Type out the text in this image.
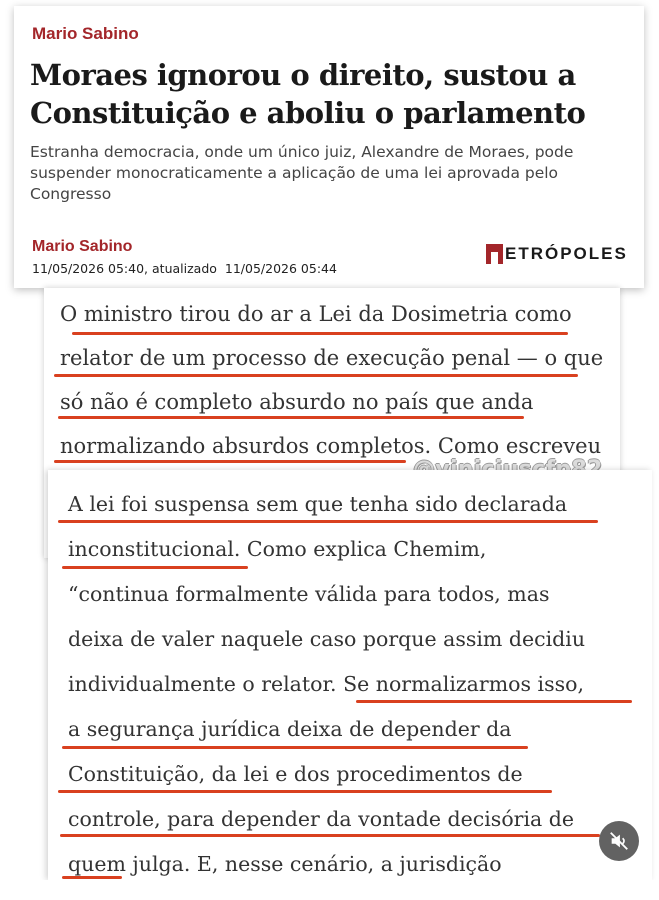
Mario Sabino
Moraes ignorou o direito, sustou a
Constituição e aboliu o parlamento

Estranha democracia, onde um único juiz, Alexandre de Moraes, pode
suspender monocraticamente a aplicação de uma lei aprovada pelo
Congresso

Mario Sabino
11/05/2026 05:40, atualizado 11/05/2026 05:44
ETRÓPOLES
O ministro tirou do ar a Lei da Dosimetria como
relator de um processo de execução penal — o que
só não é completo absurdo no país que anda
normalizando absurdos completos. Como escreveu
A lei foi suspensa sem que tenha sido declarada
inconstitucional. Como explica Chemim,
“continua formalmente válida para todos, mas
deixa de valer naquele caso porque assim decidiu
individualmente o relator. Se normalizarmos isso,
a segurança jurídica deixa de depender da
Constituição, da lei e dos procedimentos de
controle, para depender da vontade decisória de
quem julga. E, nesse cenário, a jurisdição
